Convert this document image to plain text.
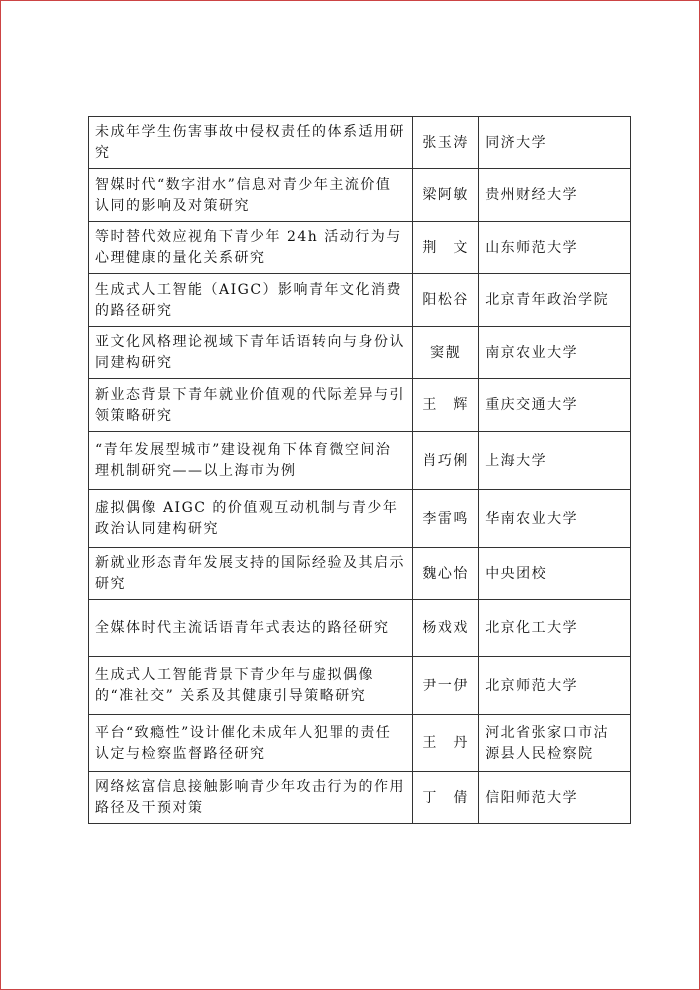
未成年学生伤害事故中侵权责任的体系适用研究	张玉涛	同济大学
智媒时代“数字泔水”信息对青少年主流价值认同的影响及对策研究	梁阿敏	贵州财经大学
等时替代效应视角下青少年 24h 活动行为与心理健康的量化关系研究	荆　文	山东师范大学
生成式人工智能（AIGC）影响青年文化消费的路径研究	阳松谷	北京青年政治学院
亚文化风格理论视域下青年话语转向与身份认同建构研究	窦靓	南京农业大学
新业态背景下青年就业价值观的代际差异与引领策略研究	王　辉	重庆交通大学
“青年发展型城市”建设视角下体育微空间治理机制研究——以上海市为例	肖巧俐	上海大学
虚拟偶像 AIGC 的价值观互动机制与青少年政治认同建构研究	李雷鸣	华南农业大学
新就业形态青年发展支持的国际经验及其启示研究	魏心怡	中央团校
全媒体时代主流话语青年式表达的路径研究	杨戏戏	北京化工大学
生成式人工智能背景下青少年与虚拟偶像的“准社交” 关系及其健康引导策略研究	尹一伊	北京师范大学
平台“致瘾性”设计催化未成年人犯罪的责任认定与检察监督路径研究	王　丹	河北省张家口市沽源县人民检察院
网络炫富信息接触影响青少年攻击行为的作用路径及干预对策	丁　倩	信阳师范大学
